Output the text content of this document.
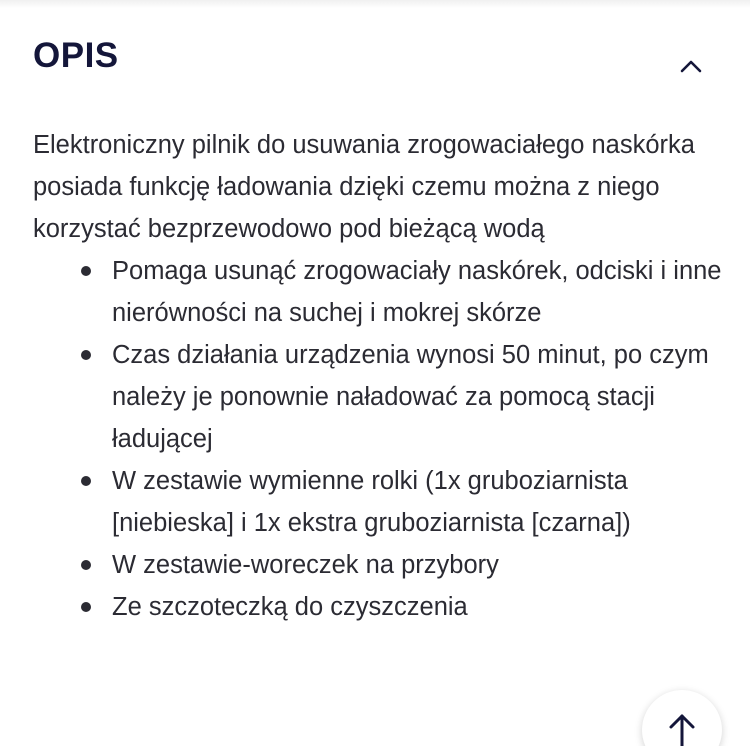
OPIS

Elektroniczny pilnik do usuwania zrogowaciałego naskórka posiada funkcję ładowania dzięki czemu można z niego korzystać bezprzewodowo pod bieżącą wodą

Pomaga usunąć zrogowaciały naskórek, odciski i inne nierówności na suchej i mokrej skórze
Czas działania urządzenia wynosi 50 minut, po czym należy je ponownie naładować za pomocą stacji ładującej
W zestawie wymienne rolki (1x gruboziarnista [niebieska] i 1x ekstra gruboziarnista [czarna])
W zestawie-woreczek na przybory
Ze szczoteczką do czyszczenia
